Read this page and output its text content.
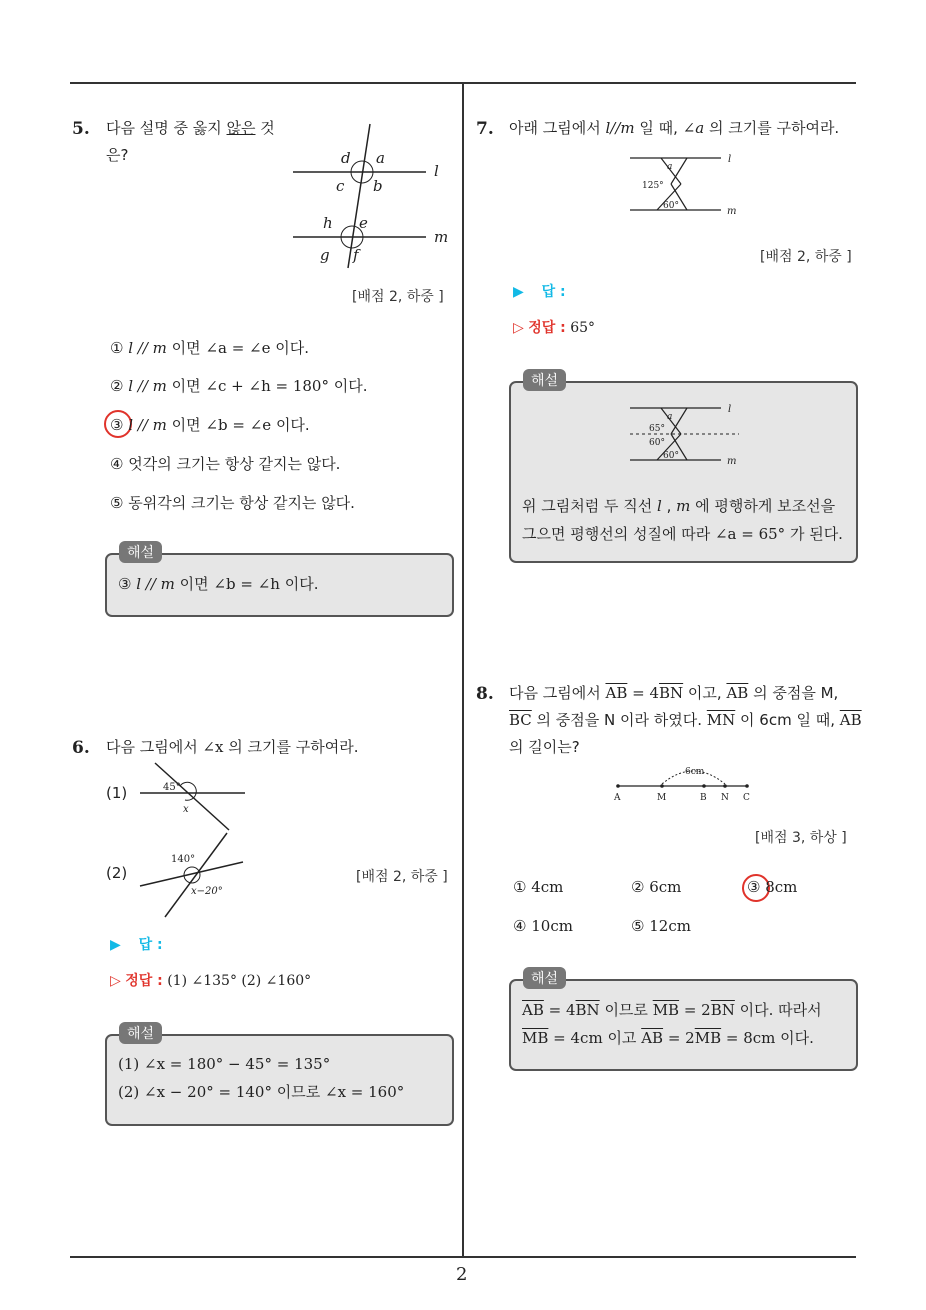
2
5. 다음 설명 중 옳지 않은 것
은?	d a
c b
l
h e
g f
m
[배점 2, 하중 ]
① l // m 이면 ∠a = ∠e 이다.
② l // m 이면 ∠c + ∠h = 180° 이다.
③ l // m 이면 ∠b = ∠e 이다.
④ 엇각의 크기는 항상 같지는 않다.
⑤ 동위각의 크기는 항상 같지는 않다.
해설
③ l // m 이면 ∠b = ∠h 이다.
6. 다음 그림에서 ∠x 의 크기를 구하여라.
(1)	45°
x
(2)
140°
x−20°
[배점 2, 하중 ]
▶ 답 :
▷ 정답 : (1) ∠135° (2) ∠160°
해설
(1) ∠x = 180° − 45° = 135°
(2) ∠x − 20° = 140° 이므로 ∠x = 160°
7. 아래 그림에서 l//m 일 때, ∠a 의 크기를 구하여라.
a
125°
60°
l
m
[배점 2, 하중 ]
▶ 답 :
▷ 정답 : 65°
해설
a
65°
60°
60°
l
m
위 그림처럼 두 직선 l , m 에 평행하게 보조선을
그으면 평행선의 성질에 따라 ∠a = 65° 가 된다.
8. 다음 그림에서 $\overline{AB} = 4\overline{BN}$ 이고, $\overline{AB}$ 의 중점을 M,
$\overline{BC}$ 의 중점을 N 이라 하였다. $\overline{MN}$ 이 6cm 일 때, $\overline{AB}$
의 길이는?
6cm
A	M	B N C
[배점 3, 하상 ]
① 4cm	② 6cm	③ 8cm
④ 10cm	⑤ 12cm
해설
$\overline{AB} = 4\overline{BN}$ 이므로 $\overline{MB} = 2\overline{BN}$ 이다. 따라서
$\overline{MB} = 4cm$ 이고 $\overline{AB} = 2\overline{MB} = 8cm$ 이다.
